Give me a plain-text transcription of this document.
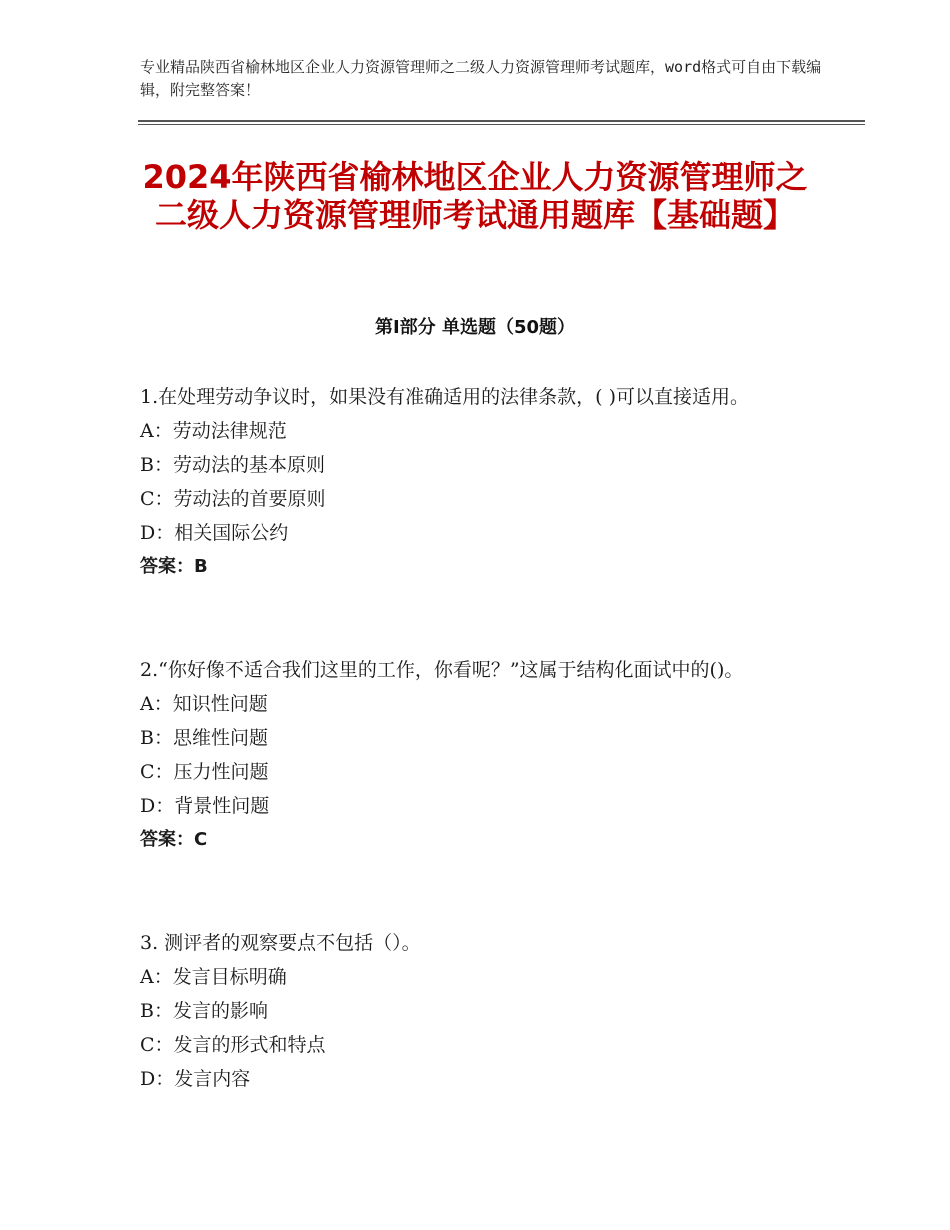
专业精品陕西省榆林地区企业人力资源管理师之二级人力资源管理师考试题库，word格式可自由下载编辑，附完整答案！
2024年陕西省榆林地区企业人力资源管理师之二级人力资源管理师考试通用题库【基础题】
第Ⅰ部分 单选题（50题）

1.在处理劳动争议时，如果没有准确适用的法律条款，( )可以直接适用。

A：劳动法律规范

B：劳动法的基本原则

C：劳动法的首要原则

D：相关国际公约

答案：B

2.“你好像不适合我们这里的工作，你看呢？”这属于结构化面试中的()。

A：知识性问题

B：思维性问题

C：压力性问题

D：背景性问题

答案：C

3. 测评者的观察要点不包括（）。

A：发言目标明确

B：发言的影响

C：发言的形式和特点

D：发言内容
